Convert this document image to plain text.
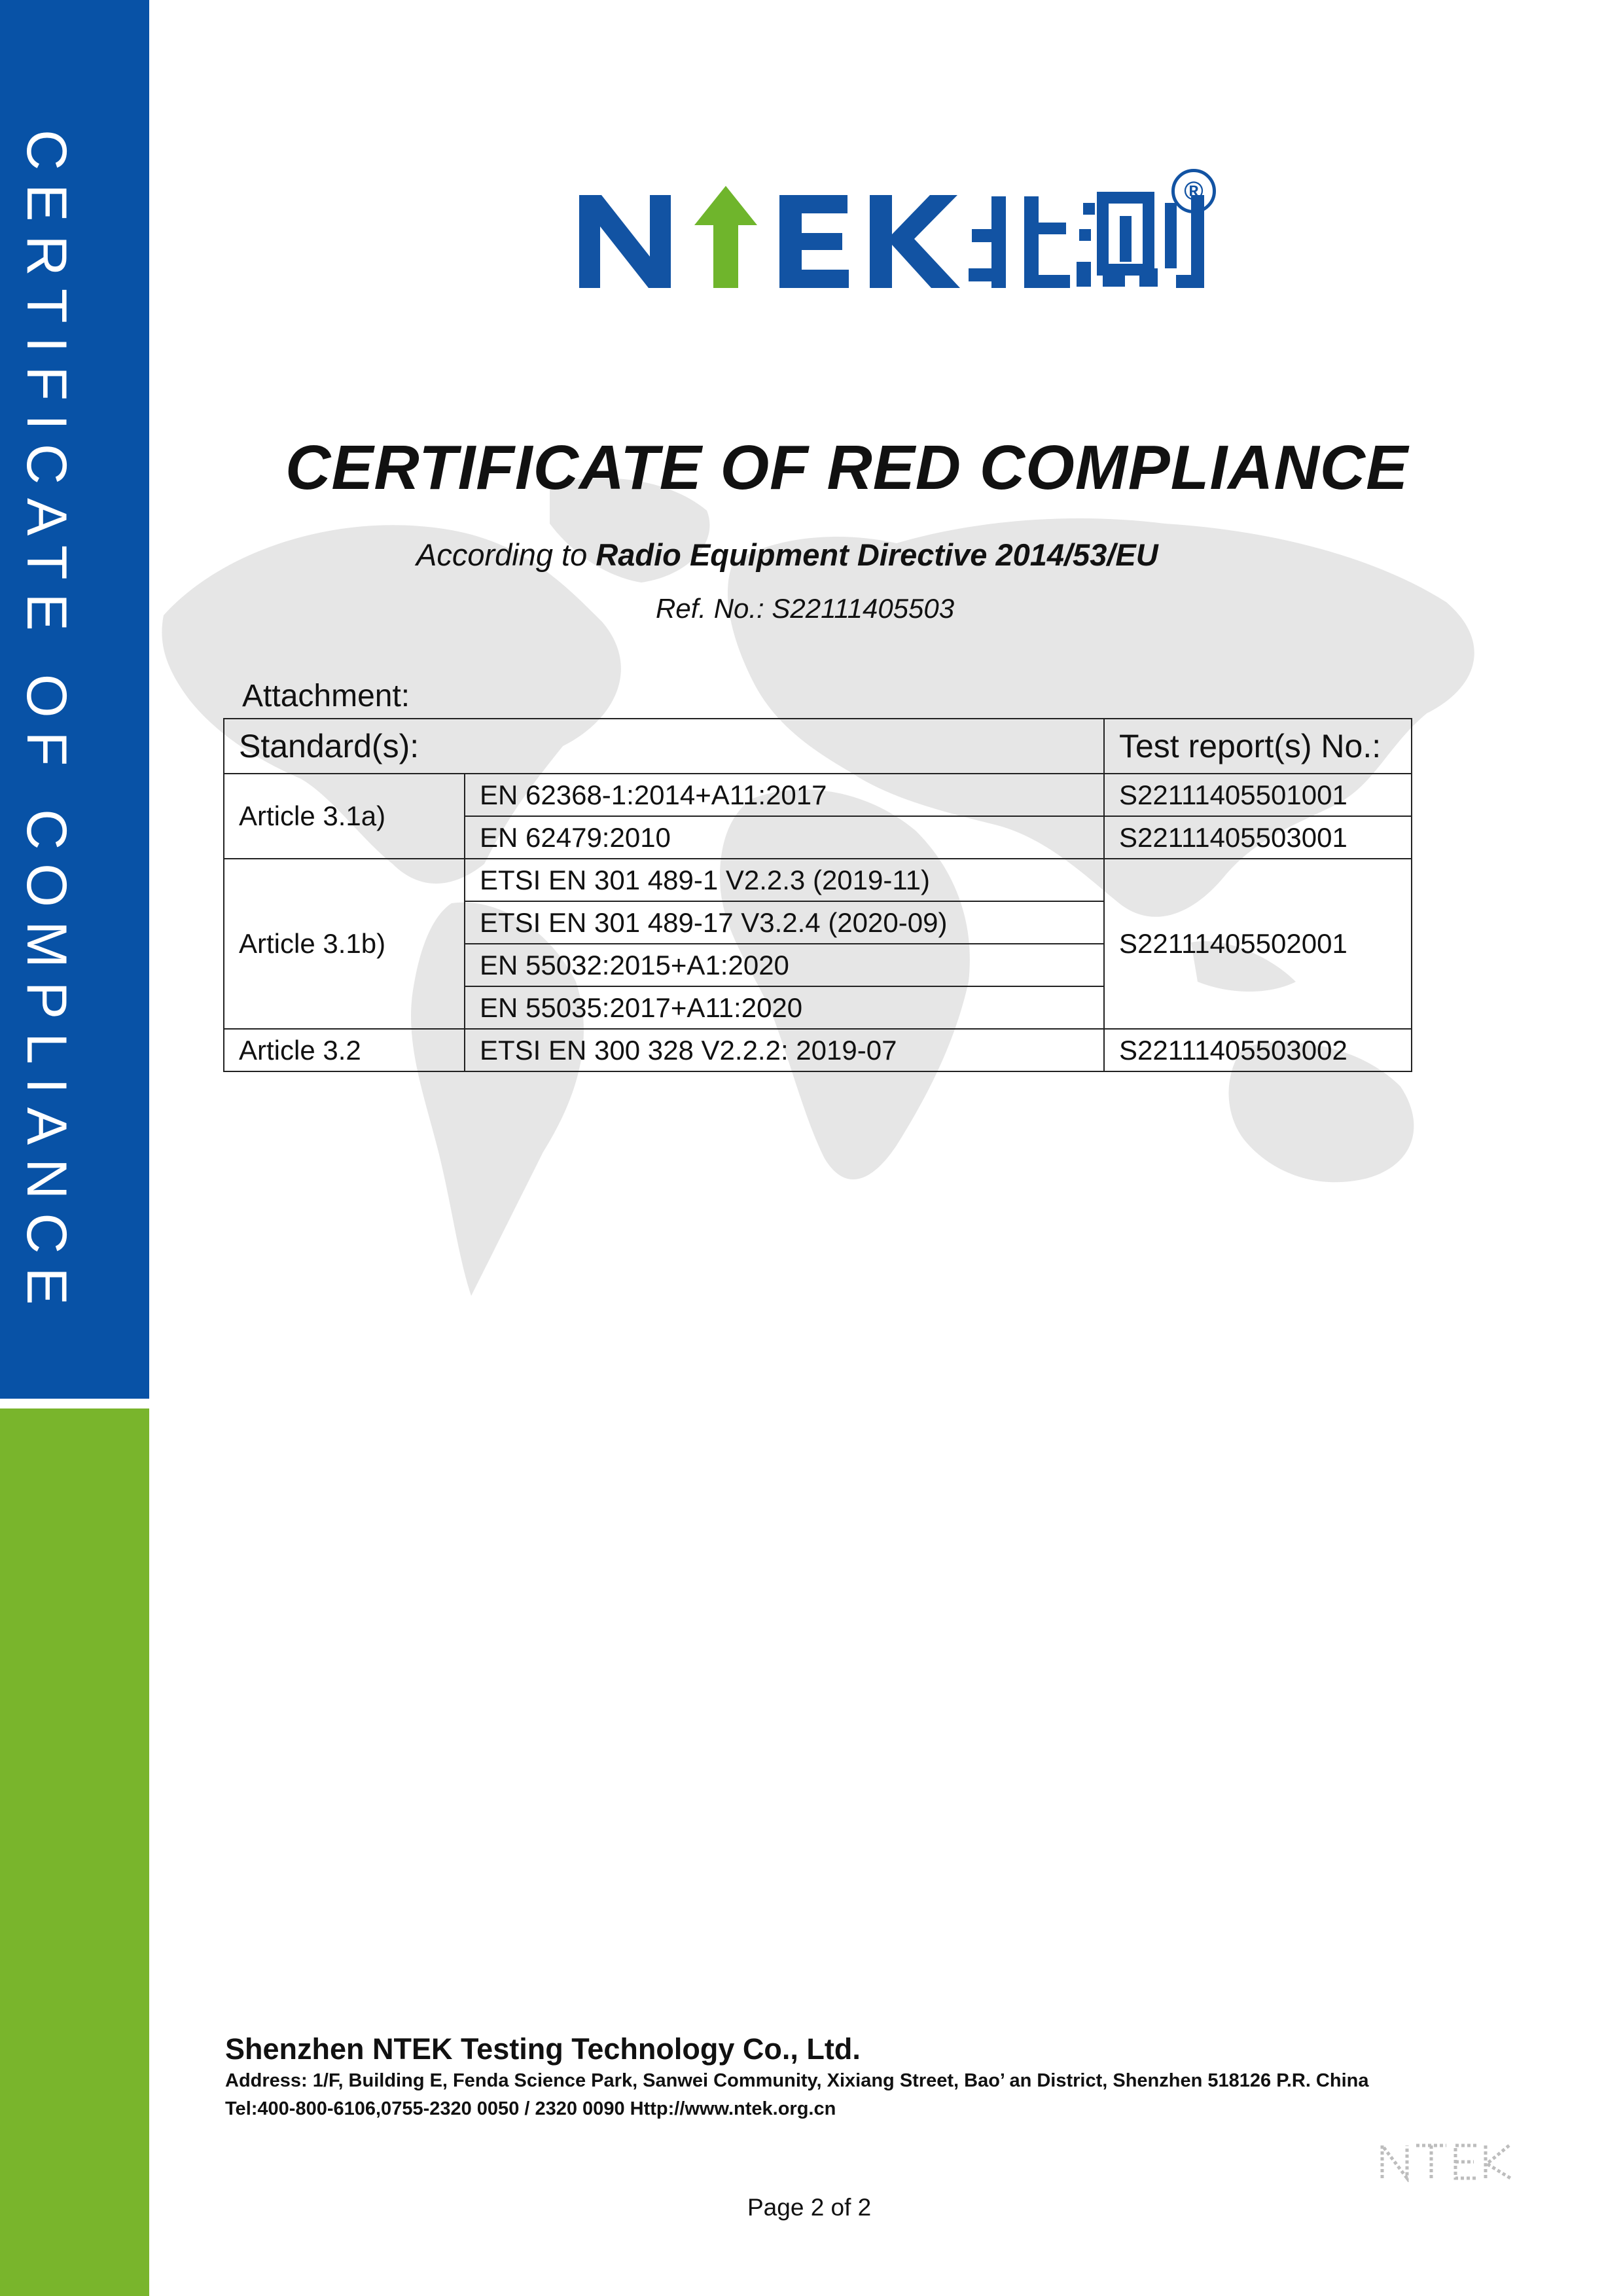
CERTIFICATE OF COMPLIANCE	®
CERTIFICATE OF RED COMPLIANCE
According to Radio Equipment Directive 2014/53/EU
Ref. No.: S22111405503
Attachment:
Standard(s):		Test report(s) No.:
Article 3.1a)	EN 62368-1:2014+A11:2017	S22111405501001
	EN 62479:2010	S22111405503001
Article 3.1b)	ETSI EN 301 489-1 V2.2.3 (2019-11)	S22111405502001
	ETSI EN 301 489-17 V3.2.4 (2020-09)	
	EN 55032:2015+A1:2020	
	EN 55035:2017+A11:2020	
Article 3.2	ETSI EN 300 328 V2.2.2: 2019-07	S22111405503002
Shenzhen NTEK Testing Technology Co., Ltd.
Address: 1/F, Building E, Fenda Science Park, Sanwei Community, Xixiang Street, Bao’ an District, Shenzhen 518126 P.R. China
Tel:400-800-6106,0755-2320 0050 / 2320 0090 Http://www.ntek.org.cn
Page 2 of 2
